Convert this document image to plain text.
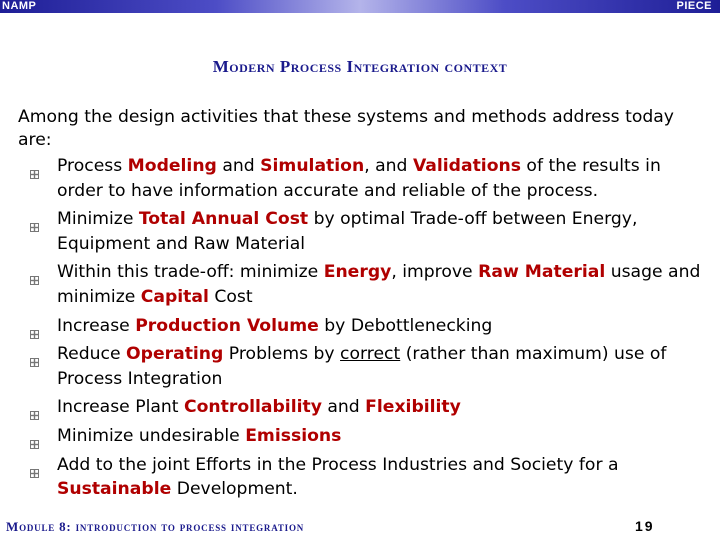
NAMP	PIECE
Modern Process Integration context
Among the design activities that these systems and methods address today are:
Process Modeling and Simulation, and Validations of the results in order to have information accurate and reliable of the process.
Minimize Total Annual Cost by optimal Trade-off between Energy, Equipment and Raw Material
Within this trade-off: minimize Energy, improve Raw Material usage and minimize Capital Cost
Increase Production Volume by Debottlenecking
Reduce Operating Problems by correct (rather than maximum) use of Process Integration
Increase Plant Controllability and Flexibility
Minimize undesirable Emissions
Add to the joint Efforts in the Process Industries and Society for a Sustainable Development.
Module 8: introduction to process integration	19
